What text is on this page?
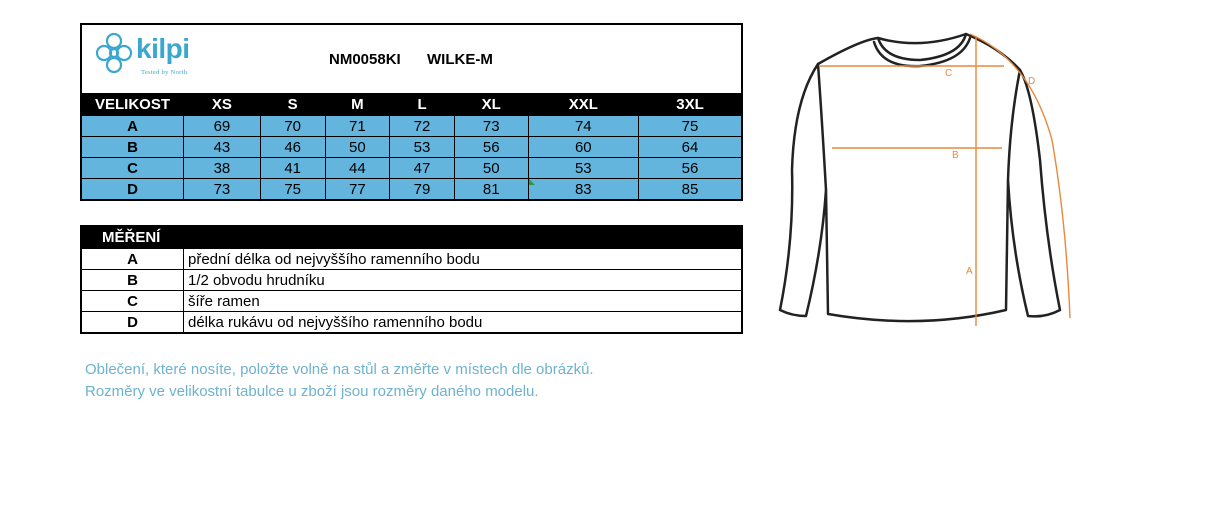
kilpi
Tested by North
NM0058KI WILKE-M
VELIKOST	XS	S	M	L	XL	XXL	3XL
A	69	70	71	72	73	74	75
B	43	46	50	53	56	60	64
C	38	41	44	47	50	53	56
D	73	75	77	79	81	83	85
MĚŘENÍ	
A	přední délka od nejvyššího ramenního bodu
B	1/2 obvodu hrudníku
C	šíře ramen
D	délka rukávu od nejvyššího ramenního bodu
Oblečení, které nosíte, položte volně na stůl a změřte v místech dle obrázků.
Rozměry ve velikostní tabulce u zboží jsou rozměry daného modelu.
C
B
A
D
